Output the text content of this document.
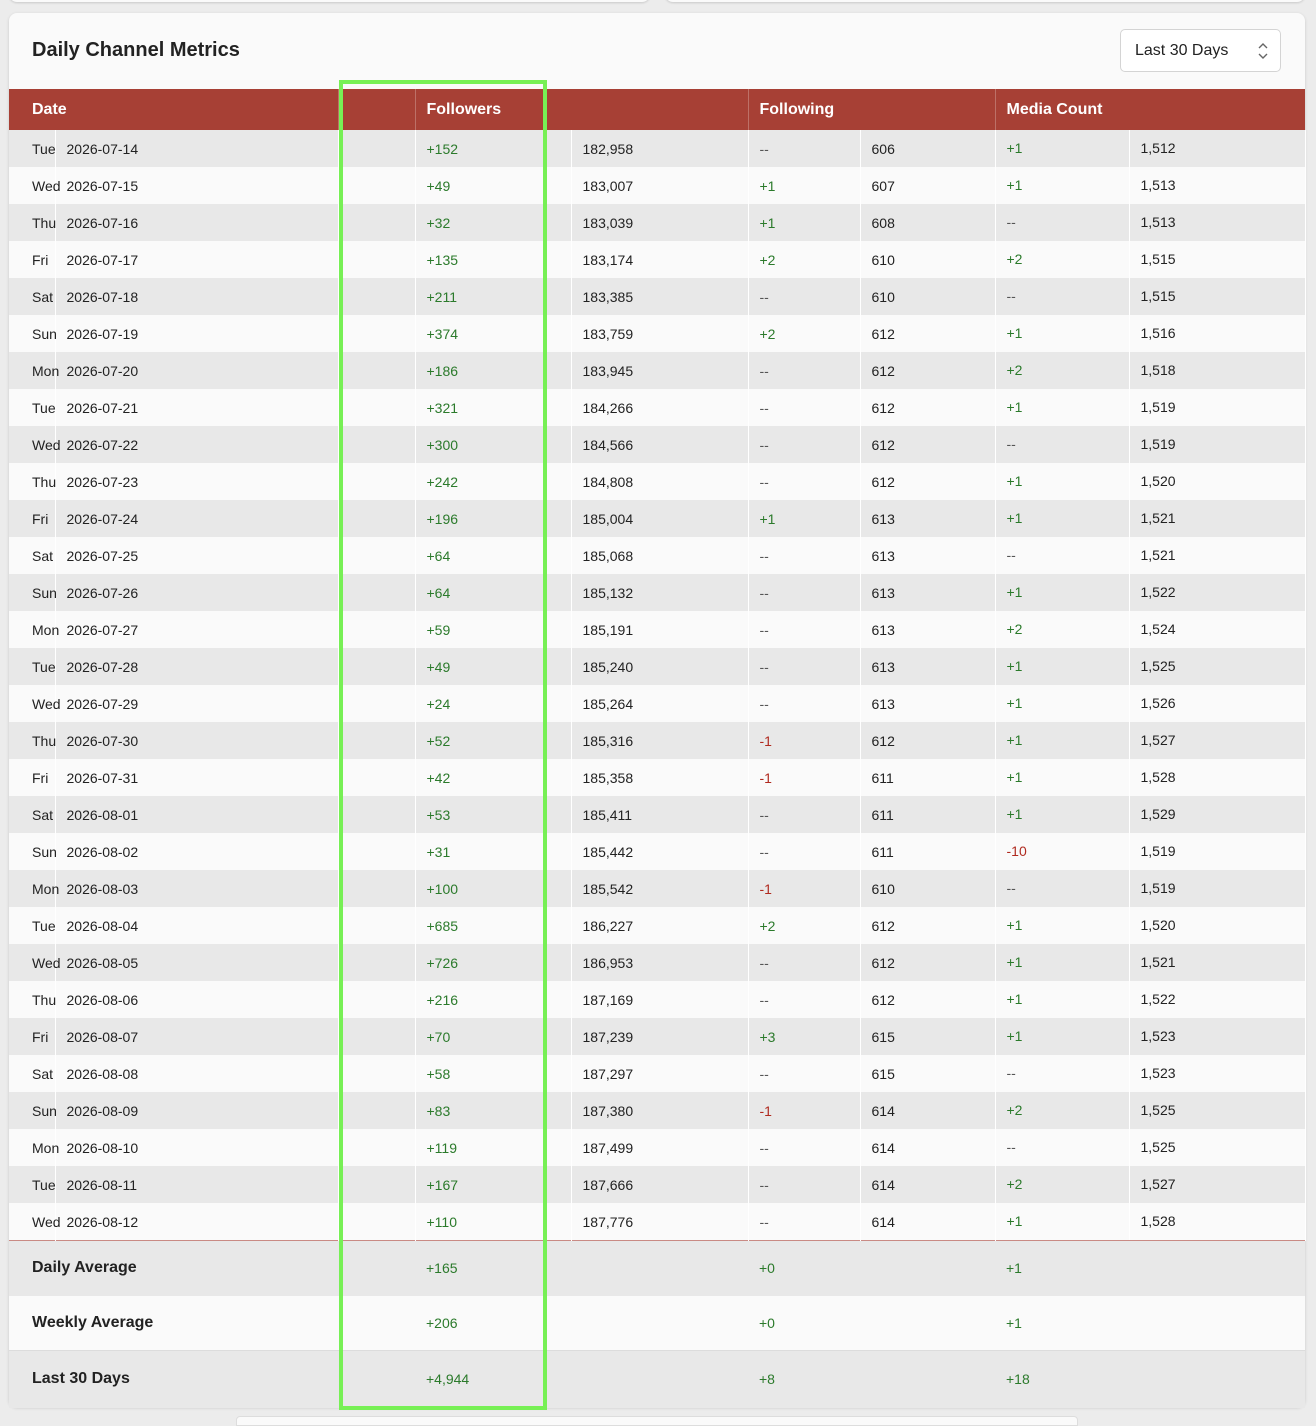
Daily Channel Metrics	Last 30 Days
Date			Followers		Following		Media Count
Tue	2026-07-14		+152	182,958	--	606	+1 1,512
Wed	2026-07-15		+49	183,007	+1	607	+1 1,513
Thu	2026-07-16		+32	183,039	+1	608	-- 1,513
Fri	2026-07-17		+135	183,174	+2	610	+2 1,515
Sat	2026-07-18		+211	183,385	--	610	-- 1,515
Sun	2026-07-19		+374	183,759	+2	612	+1 1,516
Mon	2026-07-20		+186	183,945	--	612	+2 1,518
Tue	2026-07-21		+321	184,266	--	612	+1 1,519
Wed	2026-07-22		+300	184,566	--	612	-- 1,519
Thu	2026-07-23		+242	184,808	--	612	+1 1,520
Fri	2026-07-24		+196	185,004	+1	613	+1 1,521
Sat	2026-07-25		+64	185,068	--	613	-- 1,521
Sun	2026-07-26		+64	185,132	--	613	+1 1,522
Mon	2026-07-27		+59	185,191	--	613	+2 1,524
Tue	2026-07-28		+49	185,240	--	613	+1 1,525
Wed	2026-07-29		+24	185,264	--	613	+1 1,526
Thu	2026-07-30		+52	185,316	-1	612	+1 1,527
Fri	2026-07-31		+42	185,358	-1	611	+1 1,528
Sat	2026-08-01		+53	185,411	--	611	+1 1,529
Sun	2026-08-02		+31	185,442	--	611	-10 1,519
Mon	2026-08-03		+100	185,542	-1	610	-- 1,519
Tue	2026-08-04		+685	186,227	+2	612	+1 1,520
Wed	2026-08-05		+726	186,953	--	612	+1 1,521
Thu	2026-08-06		+216	187,169	--	612	+1 1,522
Fri	2026-08-07		+70	187,239	+3	615	+1 1,523
Sat	2026-08-08		+58	187,297	--	615	-- 1,523
Sun	2026-08-09		+83	187,380	-1	614	+2 1,525
Mon	2026-08-10		+119	187,499	--	614	-- 1,525
Tue	2026-08-11		+167	187,666	--	614	+2 1,527
Wed	2026-08-12		+110	187,776	--	614	+1 1,528
Daily Average			+165		+0		+1
Weekly Average			+206		+0		+1
Last 30 Days			+4,944		+8		+18
